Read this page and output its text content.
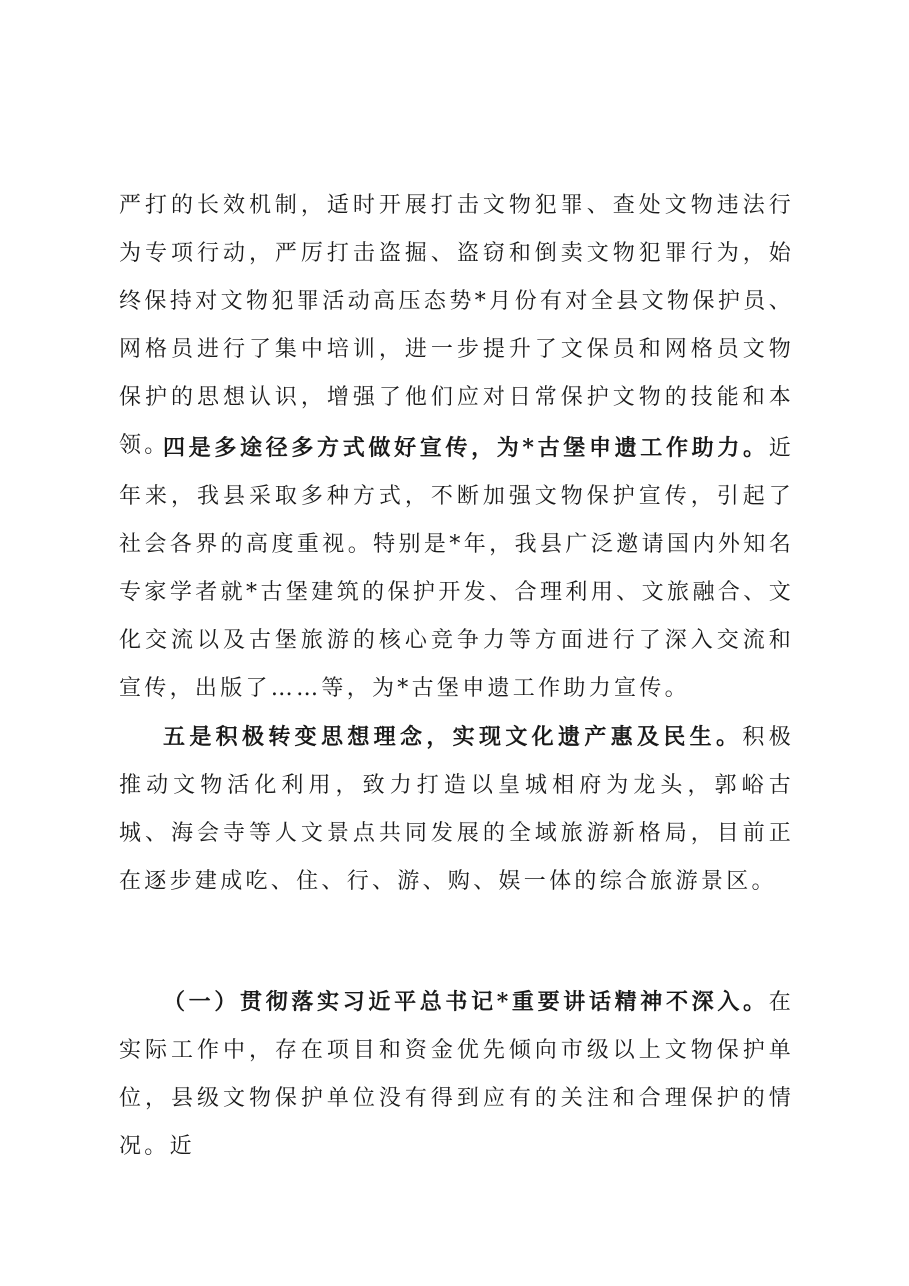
严打的长效机制，适时开展打击文物犯罪、查处文物违法行为专项行动，严厉打击盗掘、盗窃和倒卖文物犯罪行为，始终保持对文物犯罪活动高压态势*月份有对全县文物保护员、网格员进行了集中培训，进一步提升了文保员和网格员文物保护的思想认识，增强了他们应对日常保护文物的技能和本领。

四是多途径多方式做好宣传，为*古堡申遗工作助力。近年来，我县采取多种方式，不断加强文物保护宣传，引起了社会各界的高度重视。特别是*年，我县广泛邀请国内外知名专家学者就*古堡建筑的保护开发、合理利用、文旅融合、文化交流以及古堡旅游的核心竞争力等方面进行了深入交流和宣传，出版了……等，为*古堡申遗工作助力宣传。

五是积极转变思想理念，实现文化遗产惠及民生。积极推动文物活化利用，致力打造以皇城相府为龙头，郭峪古城、海会寺等人文景点共同发展的全域旅游新格局，目前正在逐步建成吃、住、行、游、购、娱一体的综合旅游景区。

（一）贯彻落实习近平总书记*重要讲话精神不深入。在实际工作中，存在项目和资金优先倾向市级以上文物保护单位，县级文物保护单位没有得到应有的关注和合理保护的情况。近
